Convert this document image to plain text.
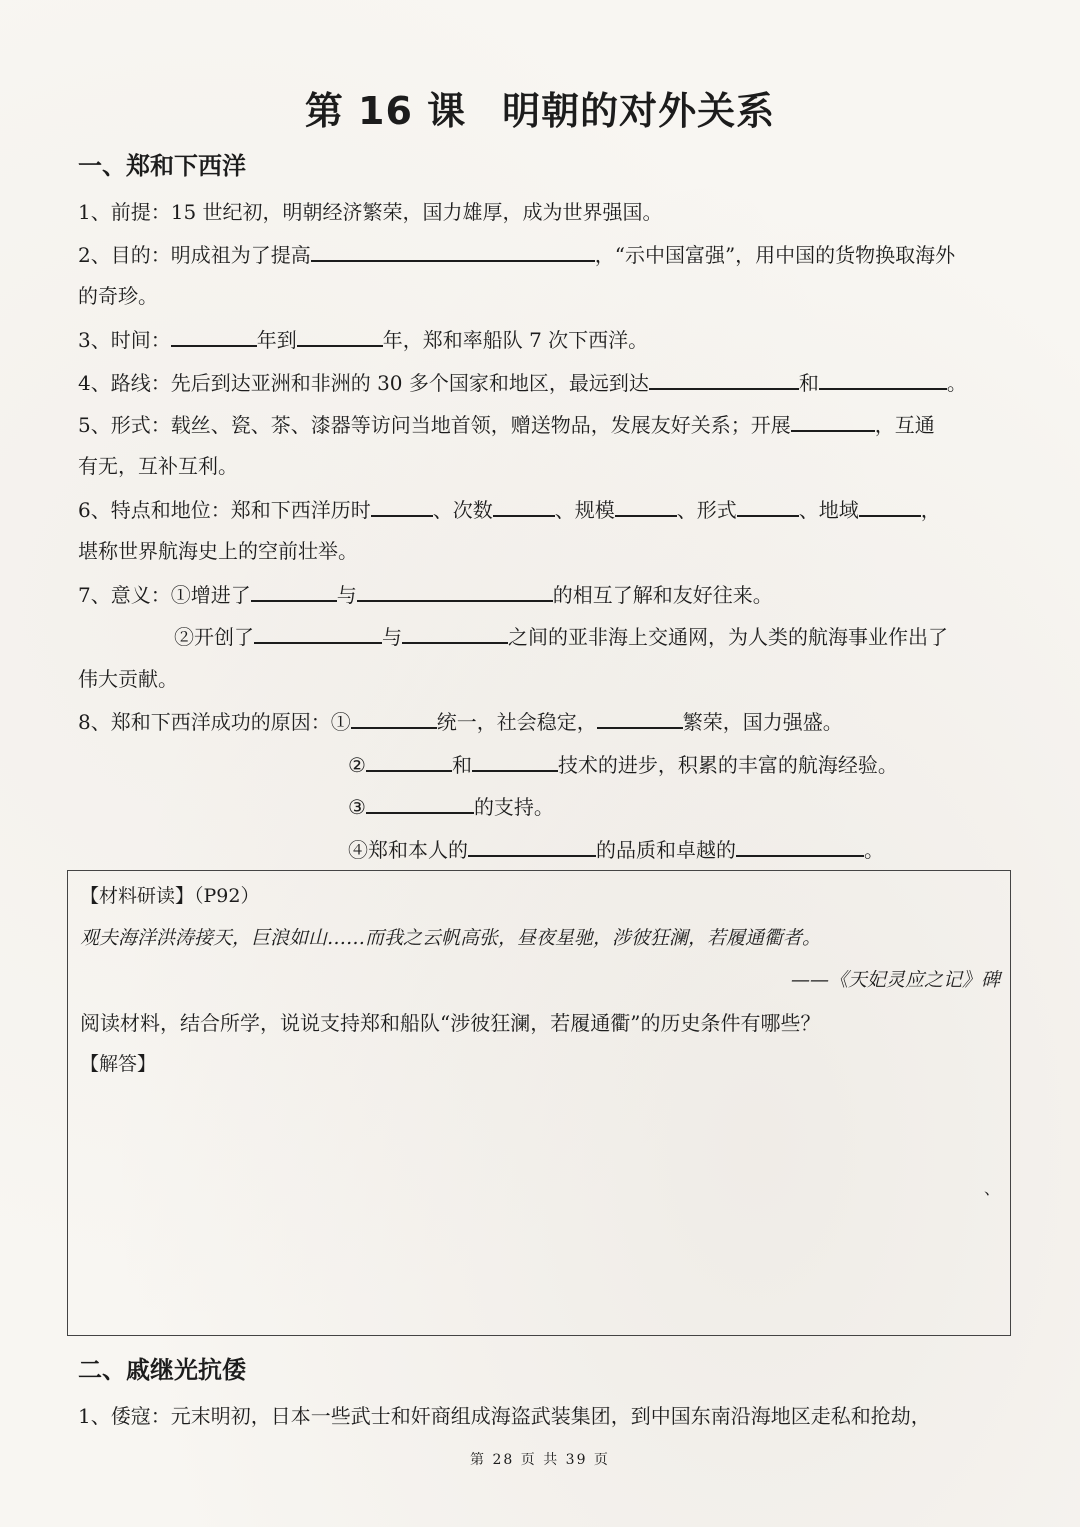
第 16 课 明朝的对外关系
一、郑和下西洋
1、前提：15 世纪初，明朝经济繁荣，国力雄厚，成为世界强国。
2、目的：明成祖为了提高	，“示中国富强”，用中国的货物换取海外
的奇珍。
3、时间：	年到	年，郑和率船队 7 次下西洋。
4、路线：先后到达亚洲和非洲的 30 多个国家和地区，最远到达	和	。
5、形式：载丝、瓷、茶、漆器等访问当地首领，赠送物品，发展友好关系；开展	，互通
有无，互补互利。
6、特点和地位：郑和下西洋历时	、次数	、规模	、形式	、地域	，
堪称世界航海史上的空前壮举。
7、意义：①增进了	与	的相互了解和友好往来。
②开创了	与	之间的亚非海上交通网，为人类的航海事业作出了
伟大贡献。
8、郑和下西洋成功的原因：①	统一，社会稳定，	繁荣，国力强盛。
②	和	技术的进步，积累的丰富的航海经验。
③	的支持。
④郑和本人的	的品质和卓越的	。
【材料研读】（P92）
观夫海洋洪涛接天，巨浪如山……而我之云帆高张，昼夜星驰，涉彼狂澜，若履通衢者。
——《天妃灵应之记》碑
阅读材料，结合所学，说说支持郑和船队“涉彼狂澜，若履通衢”的历史条件有哪些？
【解答】
、
二、戚继光抗倭
1、倭寇：元末明初，日本一些武士和奸商组成海盗武装集团，到中国东南沿海地区走私和抢劫，
第 28 页 共 39 页
